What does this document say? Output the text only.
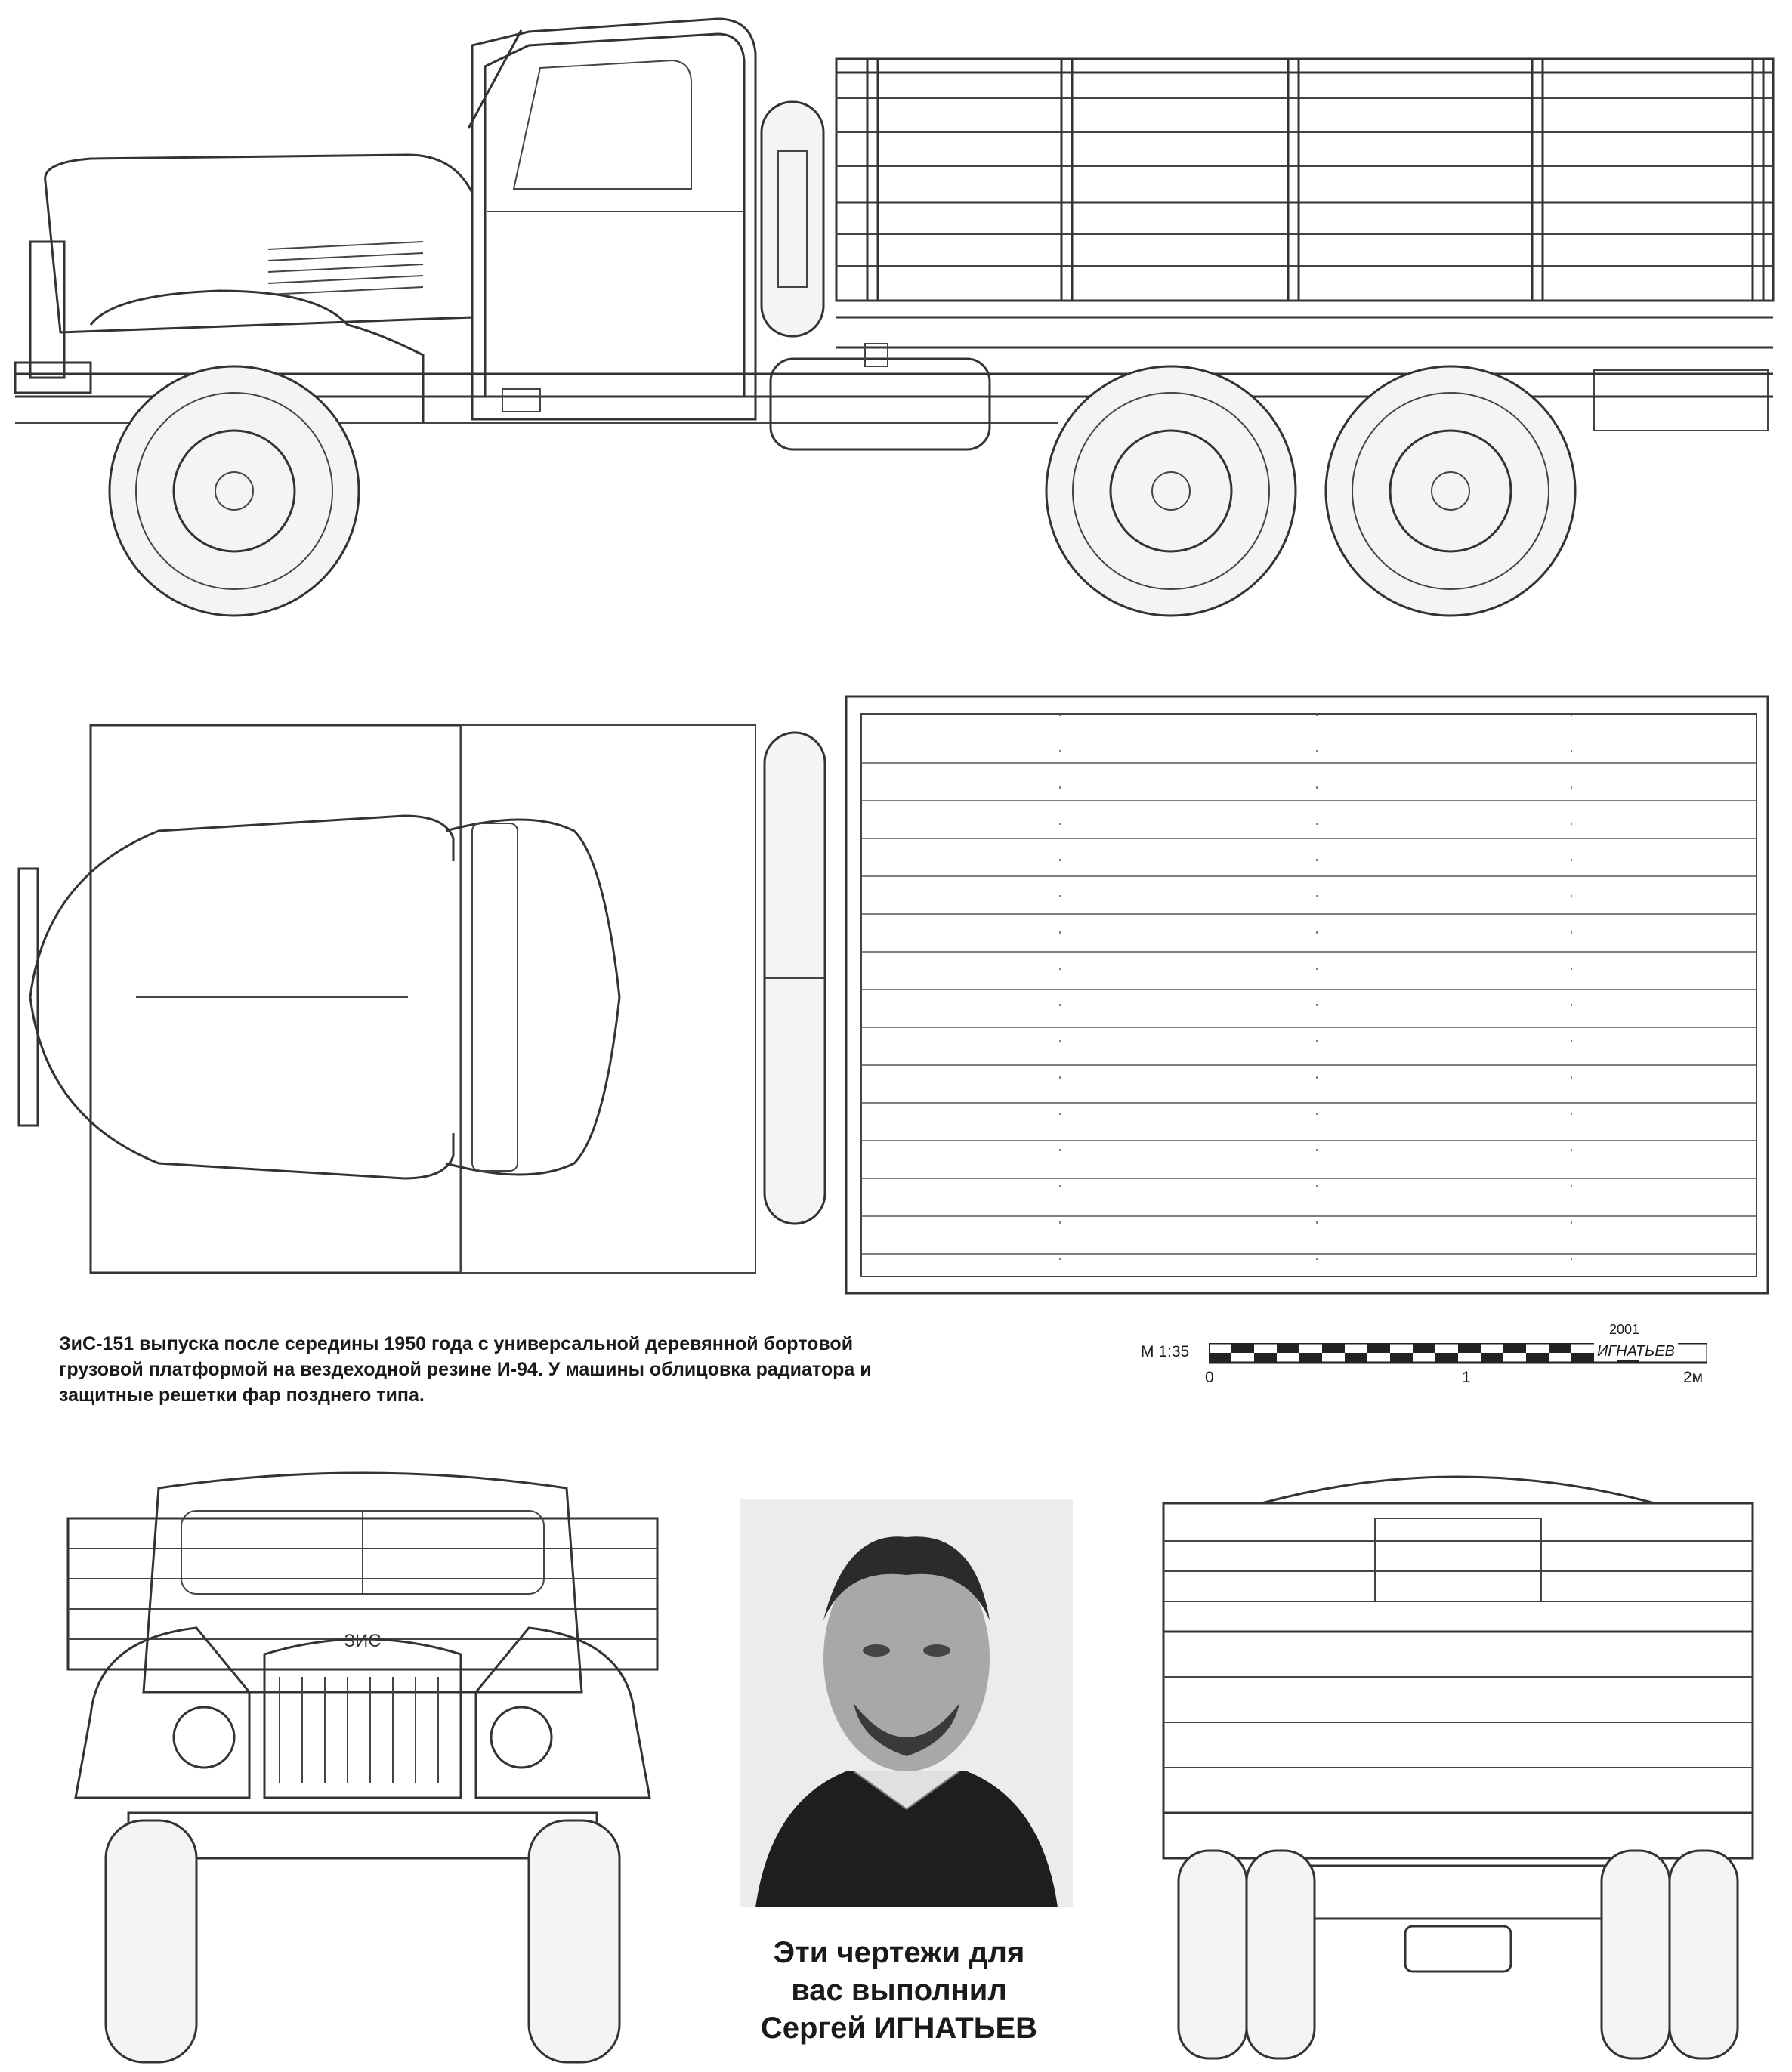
ЗиС-151 выпуска после середины 1950 года с универсальной деревянной бортовой
грузовой платформой на вездеходной резине И-94. У машины облицовка радиатора и
защитные решетки фар позднего типа.
М 1:35
0	1	2м
2001
ИГНАТЬЕВ
ЗИС
Эти чертежи для
вас выполнил
Сергей ИГНАТЬЕВ
